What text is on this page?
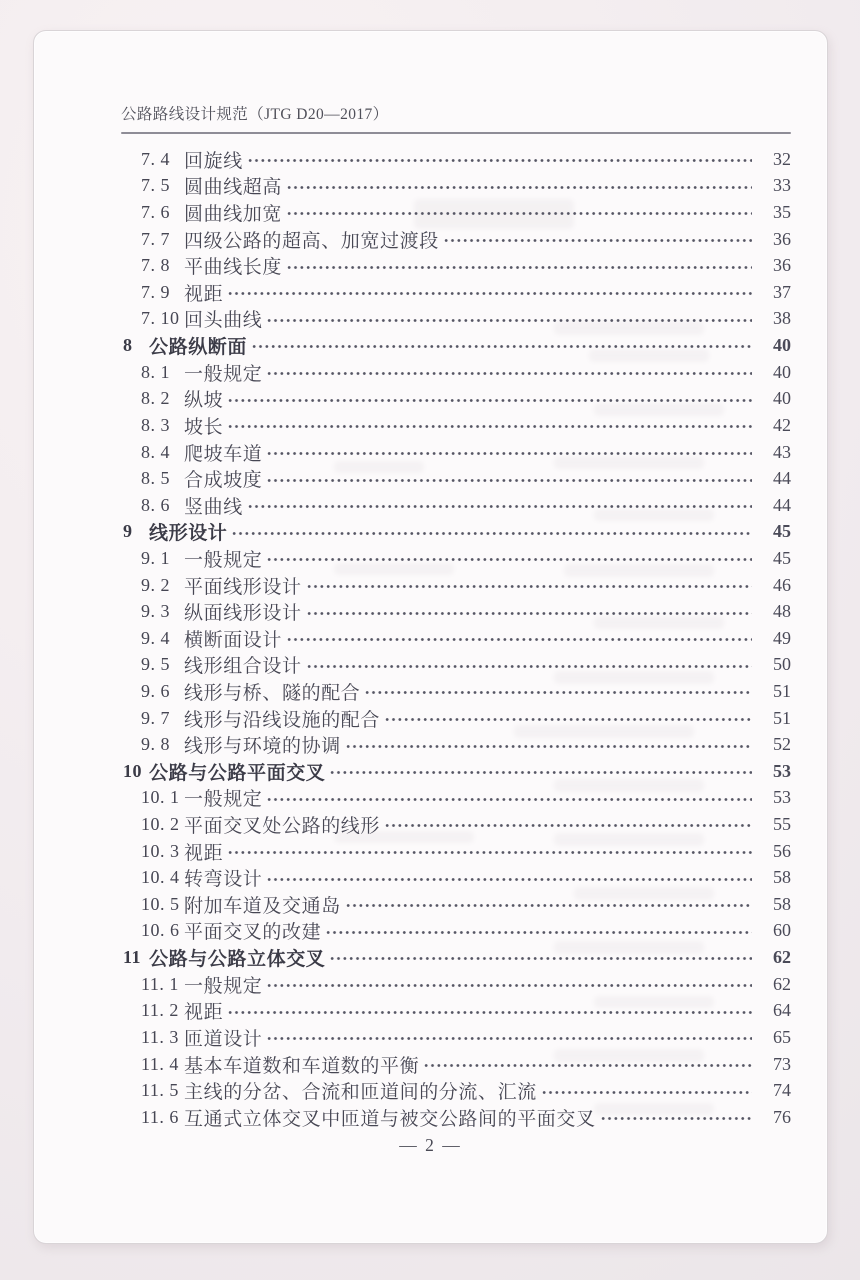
公路路线设计规范（JTG D20—2017）
7. 4 回旋线	32
7. 5 圆曲线超高	33
7. 6 圆曲线加宽	35
7. 7 四级公路的超高、加宽过渡段	36
7. 8 平曲线长度	36
7. 9 视距	37
7. 10 回头曲线	38
8 公路纵断面	40
8. 1 一般规定	40
8. 2 纵坡	40
8. 3 坡长	42
8. 4 爬坡车道	43
8. 5 合成坡度	44
8. 6 竖曲线	44
9 线形设计	45
9. 1 一般规定	45
9. 2 平面线形设计	46
9. 3 纵面线形设计	48
9. 4 横断面设计	49
9. 5 线形组合设计	50
9. 6 线形与桥、隧的配合	51
9. 7 线形与沿线设施的配合	51
9. 8 线形与环境的协调	52
10 公路与公路平面交叉	53
10. 1 一般规定	53
10. 2 平面交叉处公路的线形	55
10. 3 视距	56
10. 4 转弯设计	58
10. 5 附加车道及交通岛	58
10. 6 平面交叉的改建	60
11 公路与公路立体交叉	62
11. 1 一般规定	62
11. 2 视距	64
11. 3 匝道设计	65
11. 4 基本车道数和车道数的平衡	73
11. 5 主线的分岔、合流和匝道间的分流、汇流	74
11. 6 互通式立体交叉中匝道与被交公路间的平面交叉	76
— 2 —
